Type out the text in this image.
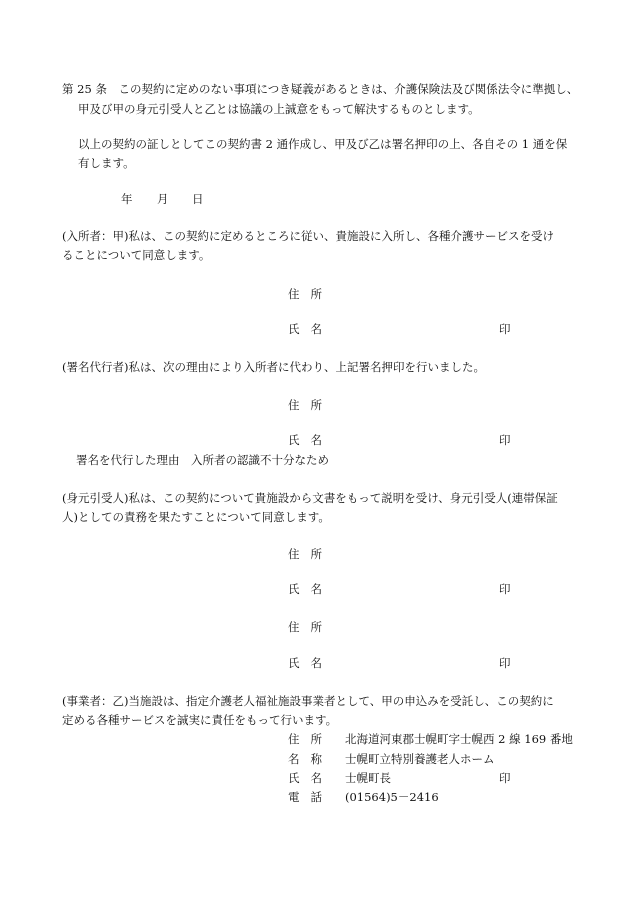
第 25 条　この契約に定めのない事項につき疑義があるときは、介護保険法及び関係法令に準拠し、
甲及び甲の身元引受人と乙とは協議の上誠意をもって解決するものとします。
以上の契約の証しとしてこの契約書 2 通作成し、甲及び乙は署名押印の上、各自その 1 通を保
有します。
年 月 日
(入所者：甲)私は、この契約に定めるところに従い、貴施設に入所し、各種介護サービスを受け
ることについて同意します。
住所
氏名	印
(署名代行者)私は、次の理由により入所者に代わり、上記署名押印を行いました。
住所
氏名	印
署名を代行した理由　入所者の認識不十分なため
(身元引受人)私は、この契約について貴施設から文書をもって説明を受け、身元引受人(連帯保証
人)としての責務を果たすことについて同意します。
住所
氏名	印
住所
氏名	印
(事業者：乙)当施設は、指定介護老人福祉施設事業者として、甲の申込みを受託し、この契約に
定める各種サービスを誠実に責任をもって行います。
住所 北海道河東郡士幌町字士幌西 2 線 169 番地
名称 士幌町立特別養護老人ホーム
氏名 士幌町長	印
電話 (01564)5－2416
